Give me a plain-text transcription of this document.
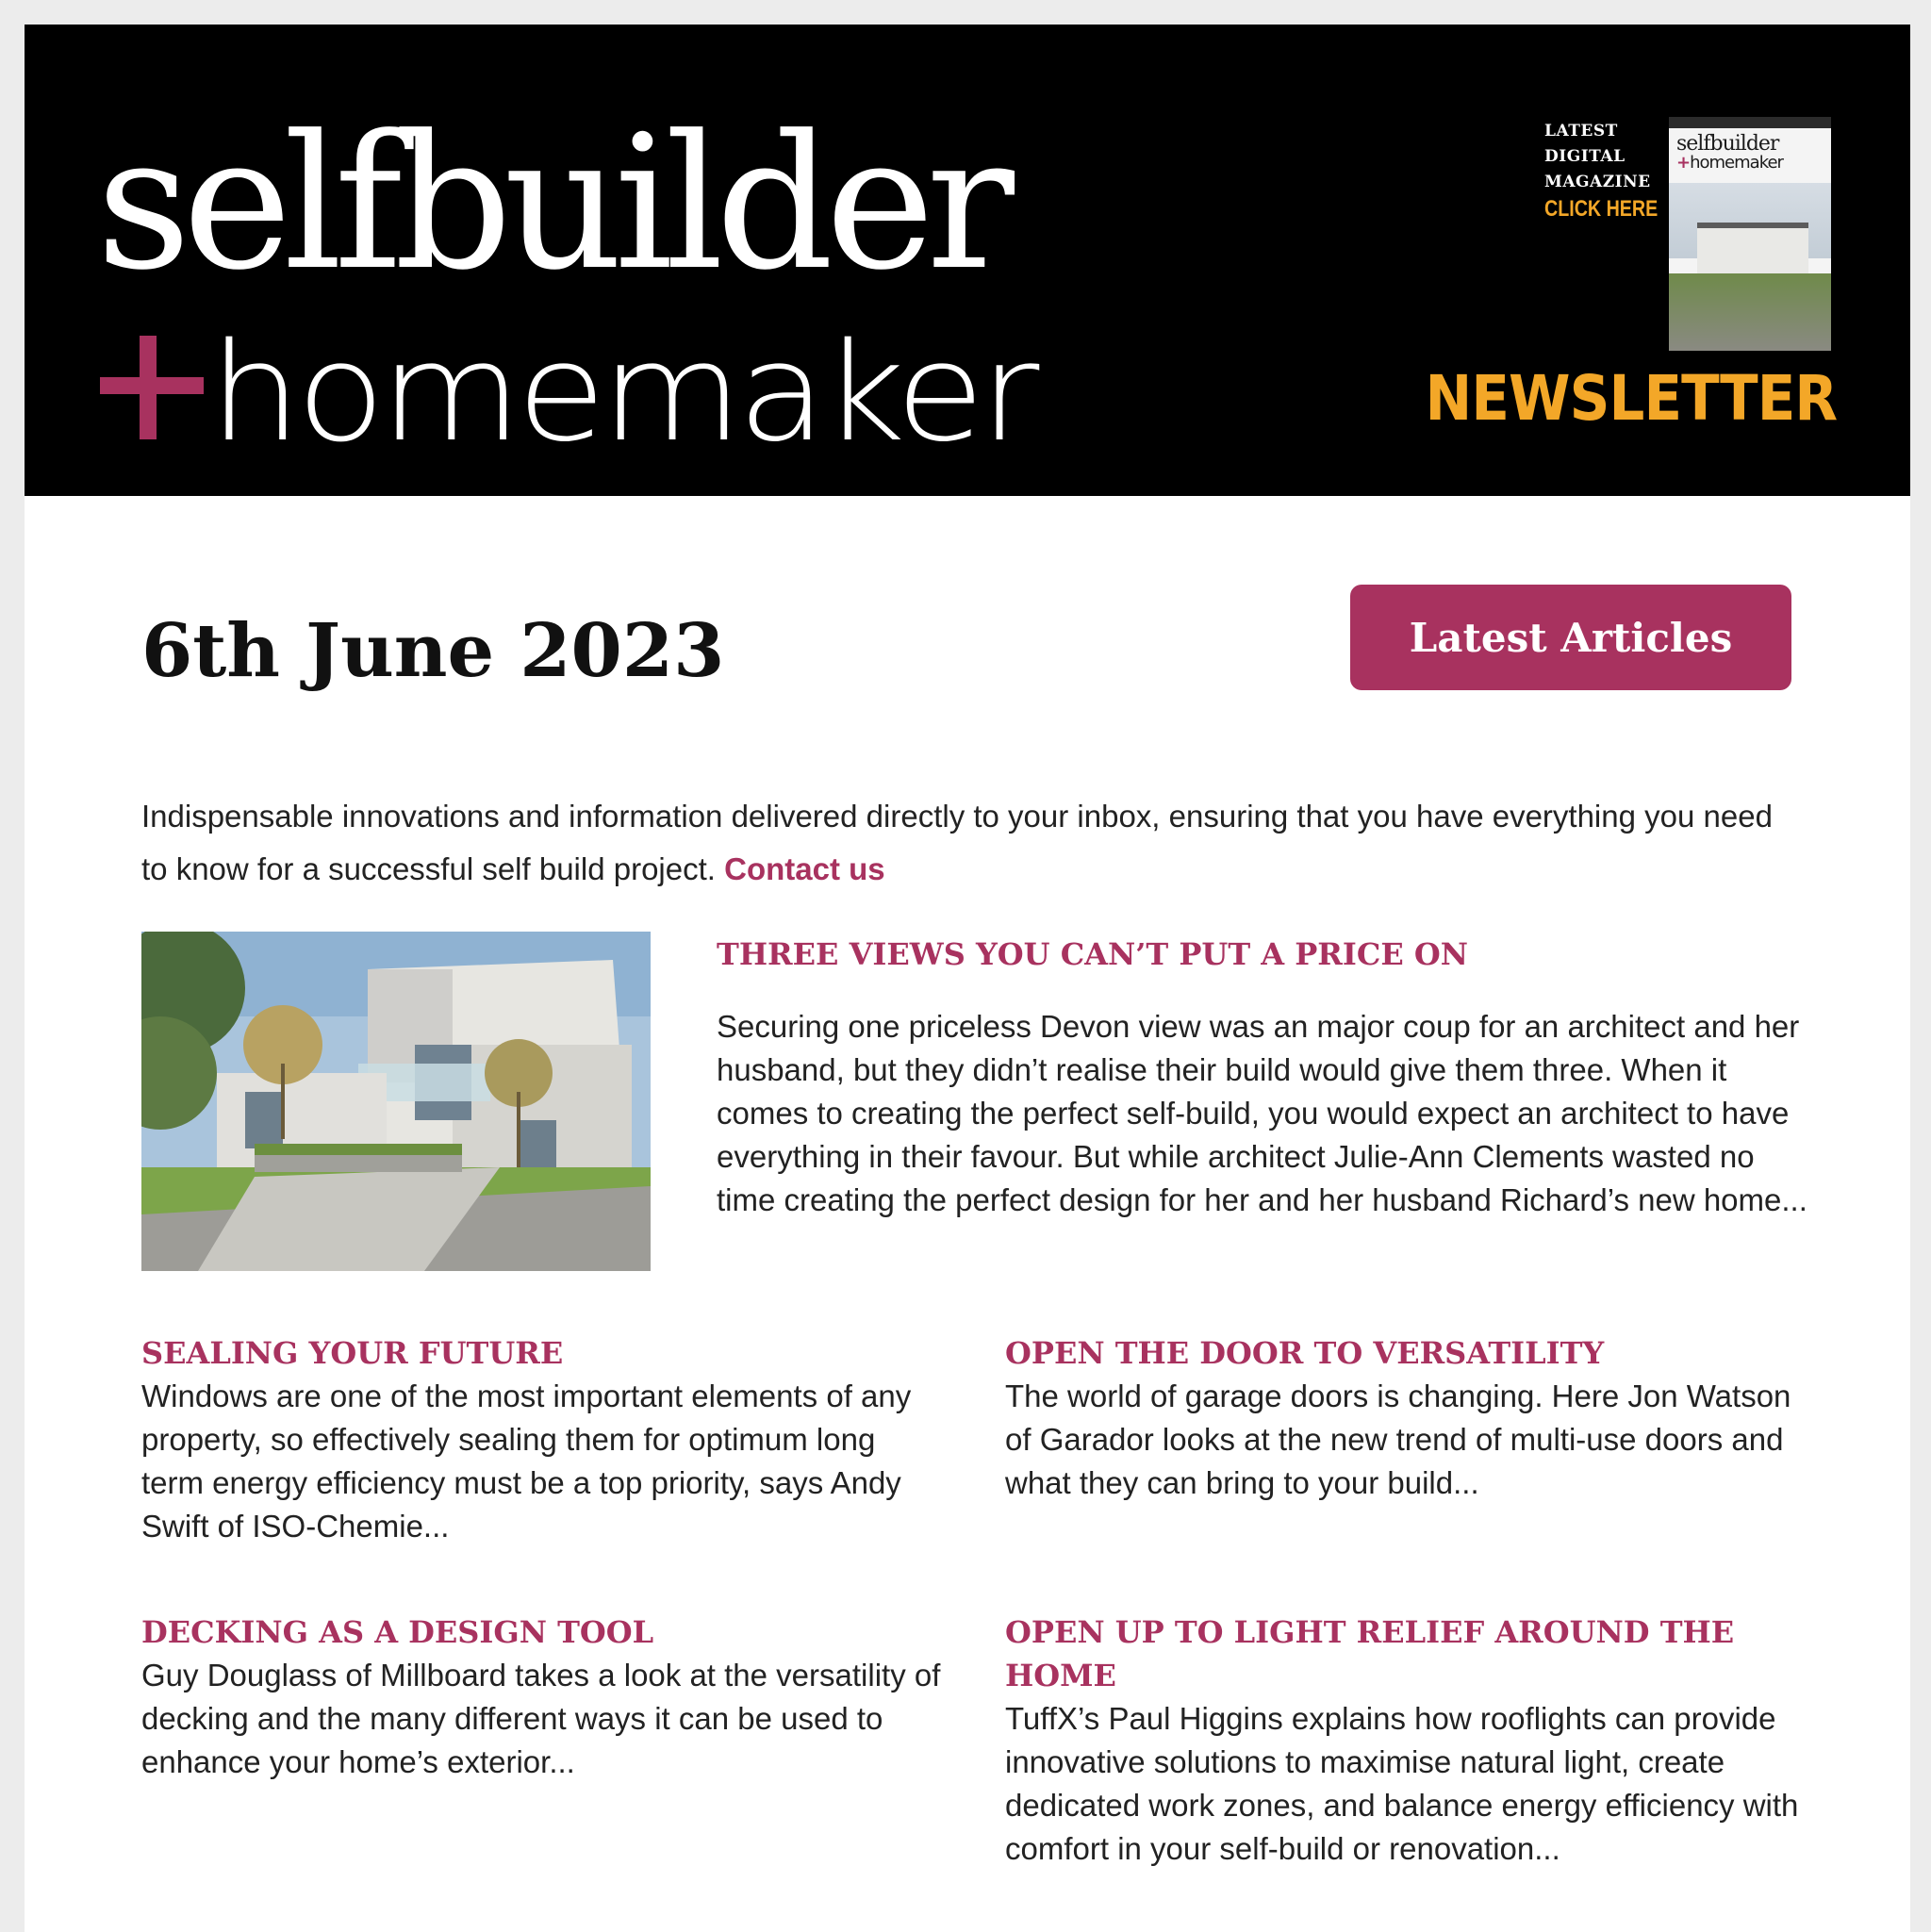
selfbuilder
homemaker
LATEST
DIGITAL
MAGAZINE
CLICK HERE
selfbuilder
+homemaker
NEWSLETTER
6th June 2023	Latest Articles
Indispensable innovations and information delivered directly to your inbox, ensuring that you have everything you need to know for a successful self build project. Contact us
THREE VIEWS YOU CAN’T PUT A PRICE ON
Securing one priceless Devon view was an major coup for an architect and her husband, but they didn’t realise their build would give them three. When it comes to creating the perfect self-build, you would expect an architect to have everything in their favour. But while architect Julie-Ann Clements wasted no time creating the perfect design for her and her husband Richard’s new home...
SEALING YOUR FUTURE
Windows are one of the most important elements of any property, so effectively sealing them for optimum long term energy efficiency must be a top priority, says Andy Swift of ISO-Chemie...
OPEN THE DOOR TO VERSATILITY
The world of garage doors is changing. Here Jon Watson of Garador looks at the new trend of multi-use doors and what they can bring to your build...
DECKING AS A DESIGN TOOL
Guy Douglass of Millboard takes a look at the versatility of decking and the many different ways it can be used to enhance your home’s exterior...
OPEN UP TO LIGHT RELIEF AROUND THE HOME
TuffX’s Paul Higgins explains how rooflights can provide innovative solutions to maximise natural light, create dedicated work zones, and balance energy efficiency with comfort in your self-build or renovation...
